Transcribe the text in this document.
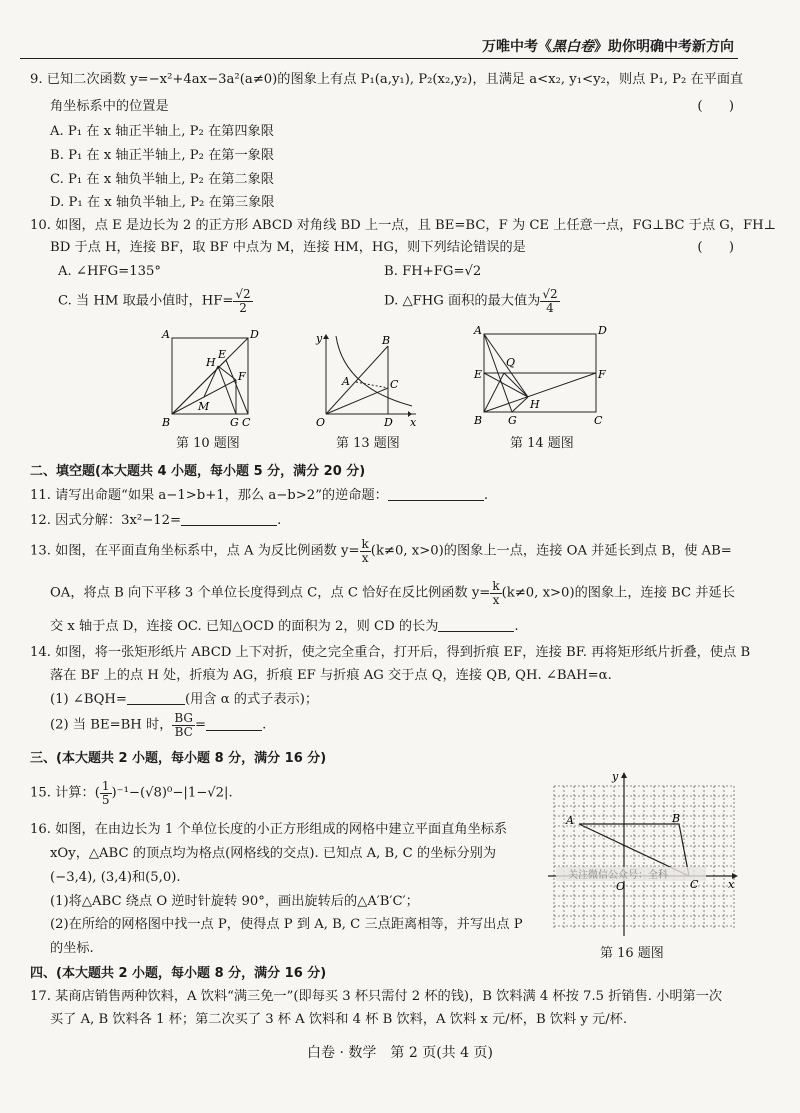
万唯中考《黑白卷》助你明确中考新方向
9. 已知二次函数 y=−x²+4ax−3a²(a≠0)的图象上有点 P₁(a,y₁), P₂(x₂,y₂)，且满足 a<x₂, y₁<y₂，则点 P₁, P₂ 在平面直
角坐标系中的位置是	(　　)
A. P₁ 在 x 轴正半轴上, P₂ 在第四象限
B. P₁ 在 x 轴正半轴上, P₂ 在第一象限
C. P₁ 在 x 轴负半轴上, P₂ 在第二象限
D. P₁ 在 x 轴负半轴上, P₂ 在第三象限
10. 如图，点 E 是边长为 2 的正方形 ABCD 对角线 BD 上一点，且 BE=BC，F 为 CE 上任意一点，FG⊥BC 于点 G，FH⊥
BD 于点 H，连接 BF，取 BF 中点为 M，连接 HM，HG，则下列结论错误的是	(　　)
A. ∠HFG=135°	B. FH+FG=√2
C. 当 HM 取最小值时，$HF= \frac{√2}{2}$	D. △FHG 面积的最大值为 $\frac{√2}{4}$
A	D
H
E
F
M
B	G C
第 10 题图
y	B
A	C
O	D x
第 13 题图
A	D
Q
E	F
H
B G	C
第 14 题图
二、填空题(本大题共 4 小题，每小题 5 分，满分 20 分)
11. 请写出命题“如果 a−1>b+1，那么 a−b>2”的逆命题：	.
12. 因式分解：3x²−12=	.
13. 如图，在平面直角坐标系中，点 A 为反比例函数 $y= \frac{k}{x} (k\ne 0$, x>0)的图象上一点，连接 OA 并延长到点 B，使 AB=
OA，将点 B 向下平移 3 个单位长度得到点 C，点 C 恰好在反比例函数 $y= \frac{k}{x} (k\ne 0$, x>0)的图象上，连接 BC 并延长
交 x 轴于点 D，连接 OC. 已知△OCD 的面积为 2，则 CD 的长为	.
14. 如图，将一张矩形纸片 ABCD 上下对折，使之完全重合，打开后，得到折痕 EF，连接 BF. 再将矩形纸片折叠，使点 B
落在 BF 上的点 H 处，折痕为 AG，折痕 EF 与折痕 AG 交于点 Q，连接 QB, QH. ∠BAH=α.
(1) ∠BQH=	(用含 α 的式子表示)；
(2) 当 BE=BH 时， $\frac{BG}{BC}$ =	.
三、(本大题共 2 小题，每小题 8 分，满分 16 分)
15. 计算：( $\frac{1}{5} )^{-1}-(√8)^0-|1-√2|$.
16. 如图，在由边长为 1 个单位长度的小正方形组成的网格中建立平面直角坐标系
xOy，△ABC 的顶点均为格点(网格线的交点). 已知点 A, B, C 的坐标分别为
(−3,4), (3,4)和(5,0).
(1)将△ABC 绕点 O 逆时针旋转 90°，画出旋转后的△A′B′C′；
(2)在所给的网格图中找一点 P，使得点 P 到 A, B, C 三点距离相等，并写出点 P
的坐标.
关注微信公众号：全科
y
A	B
O	C	x
第 16 题图
四、(本大题共 2 小题，每小题 8 分，满分 16 分)
17. 某商店销售两种饮料，A 饮料“满三免一”(即每买 3 杯只需付 2 杯的钱)，B 饮料满 4 杯按 7.5 折销售. 小明第一次
买了 A, B 饮料各 1 杯；第二次买了 3 杯 A 饮料和 4 杯 B 饮料，A 饮料 x 元/杯，B 饮料 y 元/杯.
白卷 · 数学　第 2 页(共 4 页)
